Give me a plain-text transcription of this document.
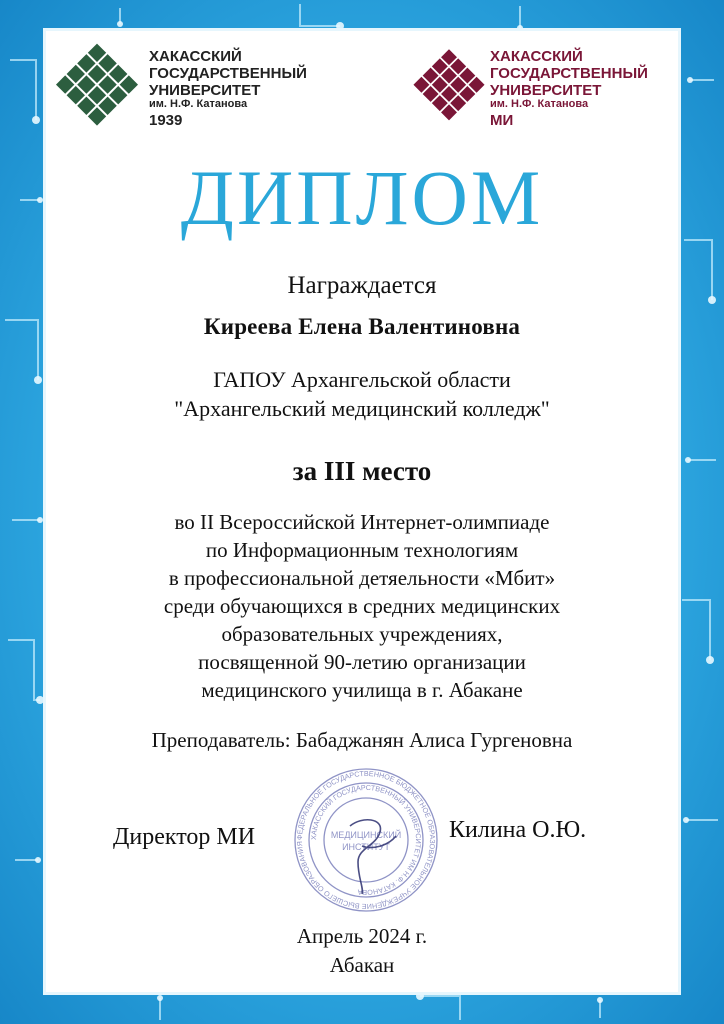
ХАКАССКИЙ
ГОСУДАРСТВЕННЫЙ
УНИВЕРСИТЕТ
им. Н.Ф. Катанова
1939
ХАКАССКИЙ
ГОСУДАРСТВЕННЫЙ
УНИВЕРСИТЕТ
им. Н.Ф. Катанова
МИ
ДИПЛОМ
Награждается
Киреева Елена Валентиновна
ГАПОУ Архангельской области
"Архангельский медицинский колледж"
за III место
во II Всероссийской Интернет-олимпиаде
по Информационным технологиям
в профессиональной детяельности «Мбит»
среди обучающихся в средних медицинских
образовательных учреждениях,
посвященной 90-летию организации
медицинского училища в г. Абакане
Преподаватель: Бабаджанян Алиса Гургеновна
Директор МИ	ФЕДЕРАЛЬНОЕ ГОСУДАРСТВЕННОЕ БЮДЖЕТНОЕ ОБРАЗОВАТЕЛЬНОЕ УЧРЕЖДЕНИЕ ВЫСШЕГО ОБРАЗОВАНИЯ
ХАКАССКИЙ ГОСУДАРСТВЕННЫЙ УНИВЕРСИТЕТ ИМ Н.Ф. КАТАНОВА
МЕДИЦИНСКИЙ
ИНСТИТУТ
Килина О.Ю.
Апрель 2024 г.
Абакан
